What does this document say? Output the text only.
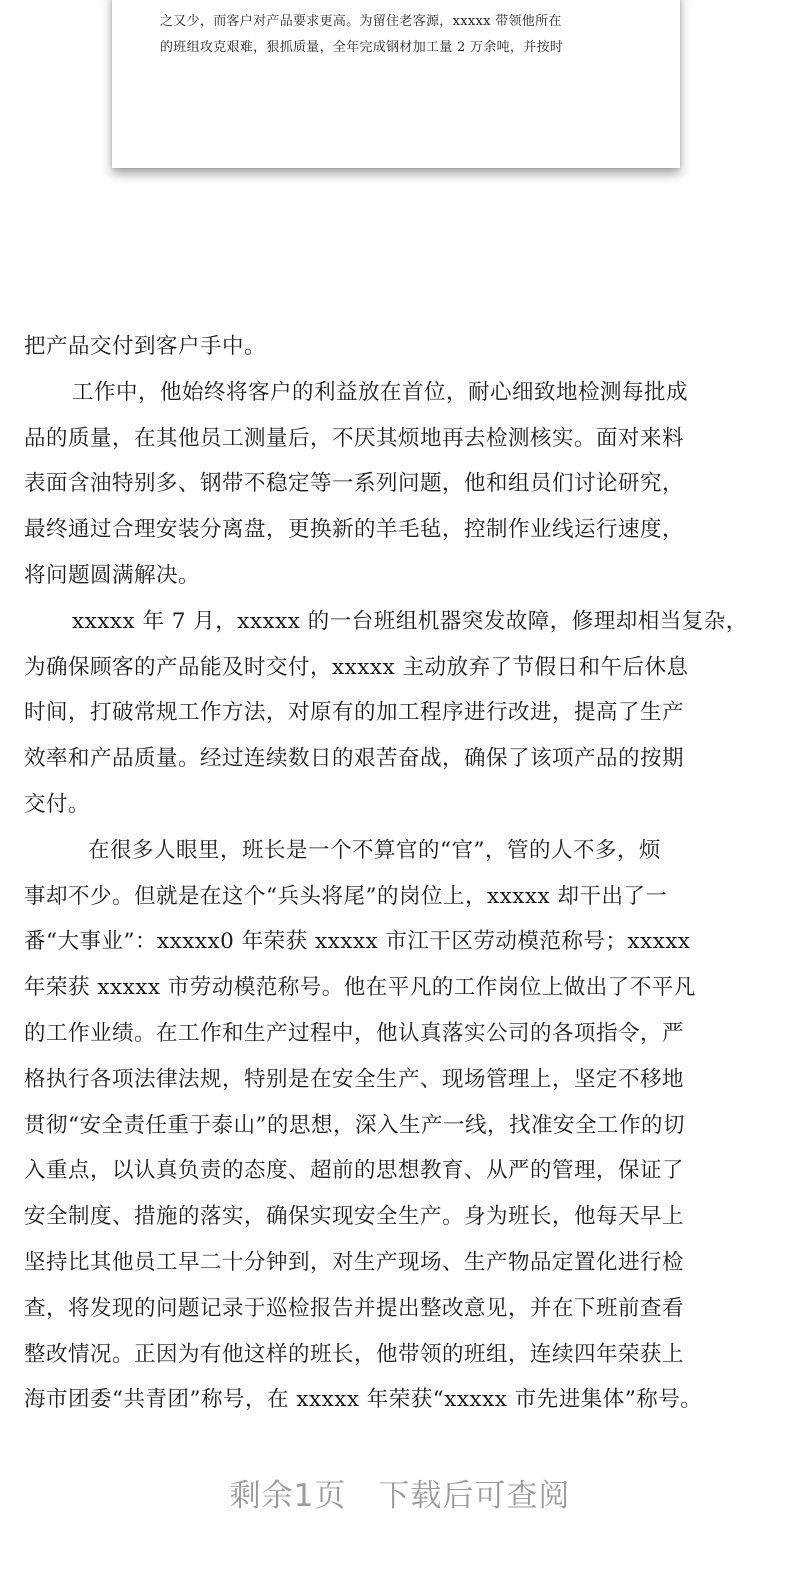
之又少，而客户对产品要求更高。为留住老客源，xxxxx 带领他所在
的班组攻克艰难，狠抓质量，全年完成钢材加工量 2 万余吨，并按时
把产品交付到客户手中。
工作中，他始终将客户的利益放在首位，耐心细致地检测每批成
品的质量，在其他员工测量后，不厌其烦地再去检测核实。面对来料
表面含油特别多、钢带不稳定等一系列问题，他和组员们讨论研究，
最终通过合理安装分离盘，更换新的羊毛毡，控制作业线运行速度，
将问题圆满解决。
xxxxx 年 7 月，xxxxx 的一台班组机器突发故障，修理却相当复杂，
为确保顾客的产品能及时交付，xxxxx 主动放弃了节假日和午后休息
时间，打破常规工作方法，对原有的加工程序进行改进，提高了生产
效率和产品质量。经过连续数日的艰苦奋战，确保了该项产品的按期
交付。
在很多人眼里，班长是一个不算官的“官”，管的人不多，烦
事却不少。但就是在这个“兵头将尾”的岗位上，xxxxx 却干出了一
番“大事业”：xxxxx0 年荣获 xxxxx 市江干区劳动模范称号；xxxxx
年荣获 xxxxx 市劳动模范称号。他在平凡的工作岗位上做出了不平凡
的工作业绩。在工作和生产过程中，他认真落实公司的各项指令，严
格执行各项法律法规，特别是在安全生产、现场管理上，坚定不移地
贯彻“安全责任重于泰山”的思想，深入生产一线，找准安全工作的切
入重点，以认真负责的态度、超前的思想教育、从严的管理，保证了
安全制度、措施的落实，确保实现安全生产。身为班长，他每天早上
坚持比其他员工早二十分钟到，对生产现场、生产物品定置化进行检
查，将发现的问题记录于巡检报告并提出整改意见，并在下班前查看
整改情况。正因为有他这样的班长，他带领的班组，连续四年荣获上
海市团委“共青团”称号，在 xxxxx 年荣获“xxxxx 市先进集体”称号。
剩余1页　下载后可查阅
